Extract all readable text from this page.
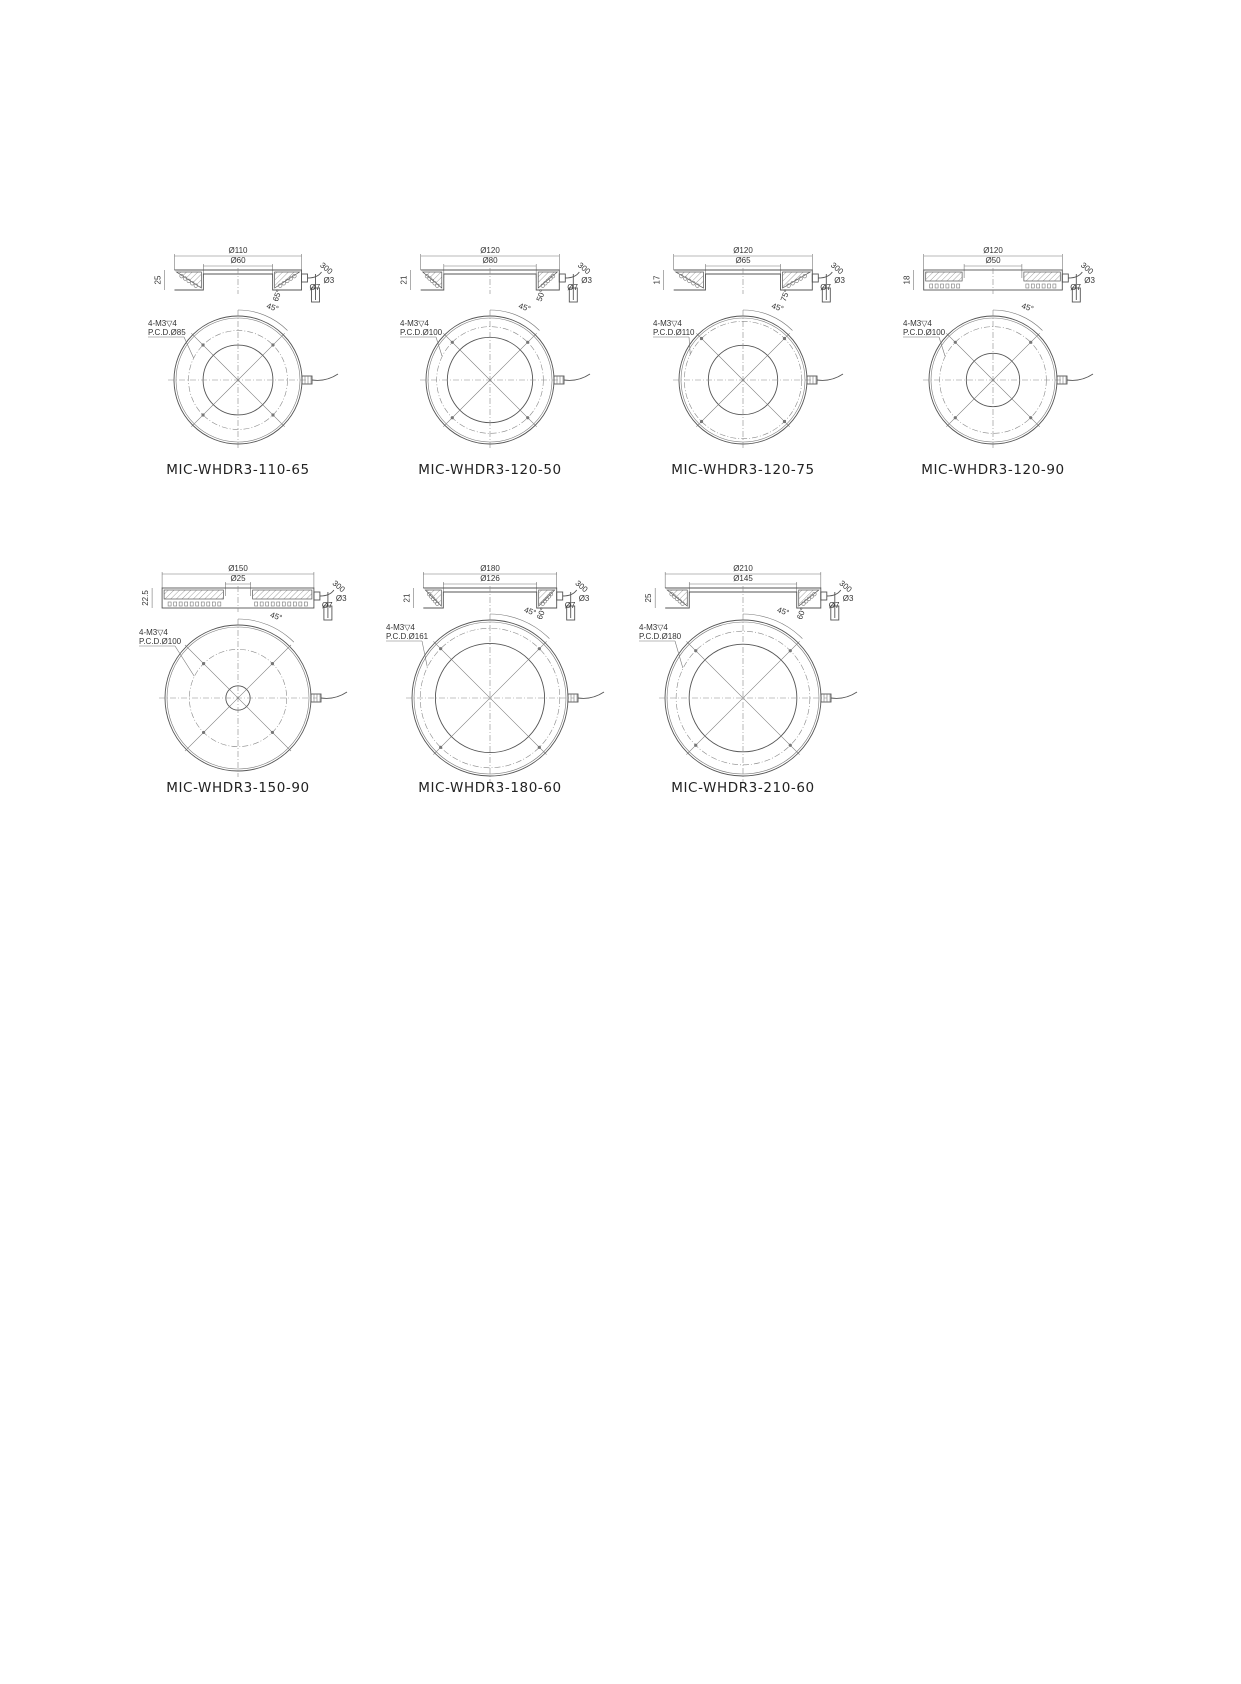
Ø110
Ø60
25
65°
300
Ø7
Ø3
45°
4-M3▽4
P.C.D.Ø85
MIC-WHDR3-110-65
Ø120
Ø80
21
50°
300
Ø7
Ø3
45°
4-M3▽4
P.C.D.Ø100
MIC-WHDR3-120-50
Ø120
Ø65
17
75°
300
Ø7
Ø3
45°
4-M3▽4
P.C.D.Ø110
MIC-WHDR3-120-75
Ø120
Ø50
18
300
Ø7
Ø3
45°
4-M3▽4
P.C.D.Ø100
MIC-WHDR3-120-90
Ø150
Ø25
22.5
300
Ø7
Ø3
45°
4-M3▽4
P.C.D.Ø100
MIC-WHDR3-150-90
Ø180
Ø126
21
60°
300
Ø7
Ø3
45°
4-M3▽4
P.C.D.Ø161
MIC-WHDR3-180-60
Ø210
Ø145
25
60°
300
Ø7
Ø3
45°
4-M3▽4
P.C.D.Ø180
MIC-WHDR3-210-60
